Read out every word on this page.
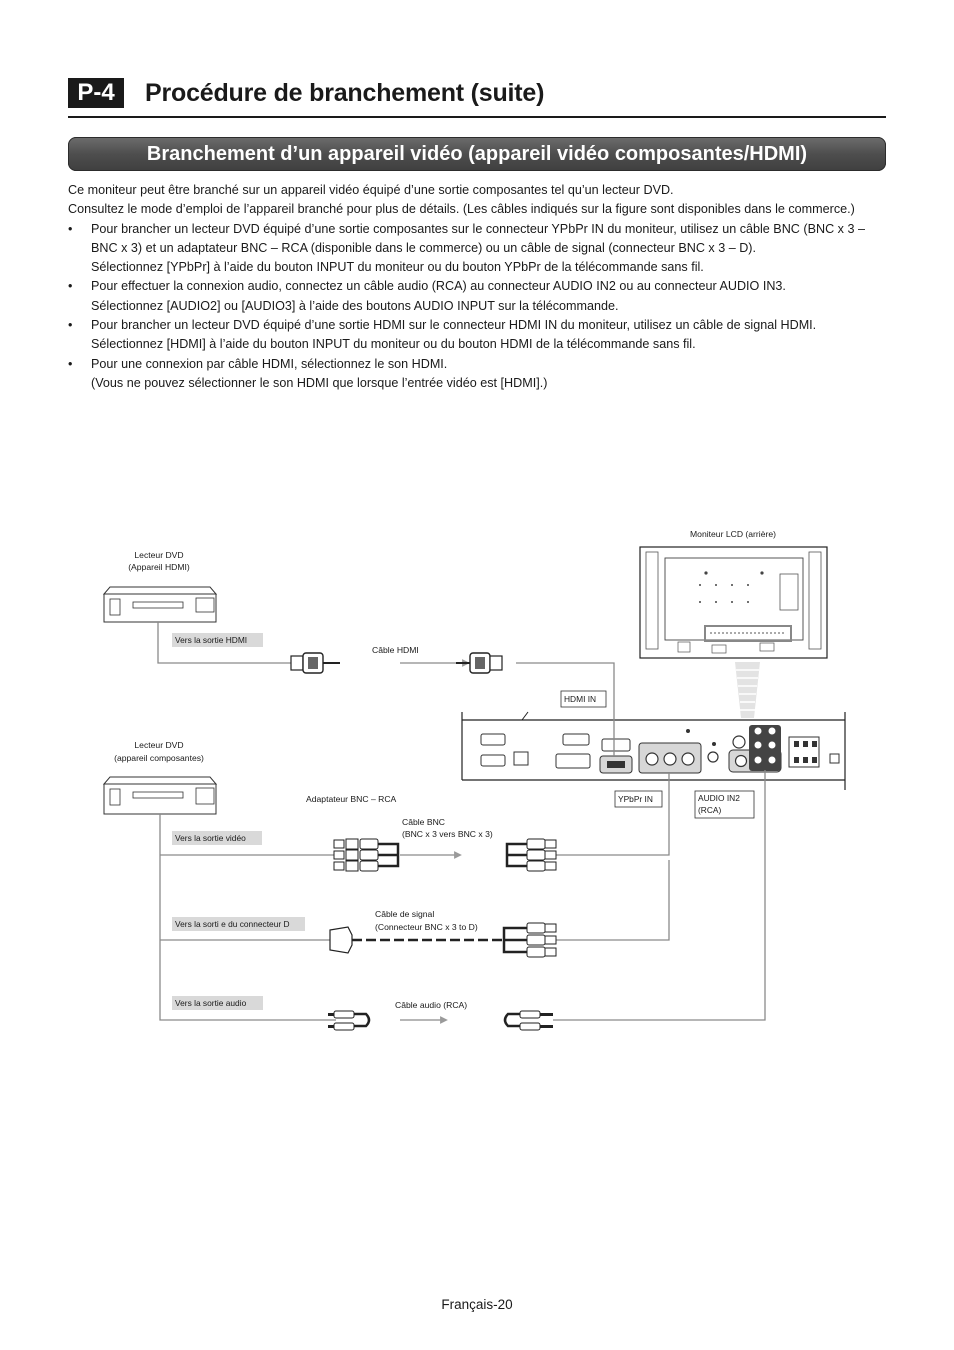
P-4	Procédure de branchement (suite)
Branchement d’un appareil vidéo (appareil vidéo composantes/HDMI)

Ce moniteur peut être branché sur un appareil vidéo équipé d’une sortie composantes tel qu’un lecteur DVD.

Consultez le mode d’emploi de l’appareil branché pour plus de détails. (Les câbles indiqués sur la figure sont disponibles dans le commerce.)

• Pour brancher un lecteur DVD équipé d’une sortie composantes sur le connecteur YPbPr IN du moniteur, utilisez un câble BNC (BNC x 3 – BNC x 3) et un adaptateur BNC – RCA (disponible dans le commerce) ou un câble de signal (connecteur BNC x 3 – D).

Sélectionnez [YPbPr] à l’aide du bouton INPUT du moniteur ou du bouton YPbPr de la télécommande sans fil.

• Pour effectuer la connexion audio, connectez un câble audio (RCA) au connecteur AUDIO IN2 ou au connecteur AUDIO IN3.

Sélectionnez [AUDIO2] ou [AUDIO3] à l’aide des boutons AUDIO INPUT sur la télécommande.

• Pour brancher un lecteur DVD équipé d’une sortie HDMI sur le connecteur HDMI IN du moniteur, utilisez un câble de signal HDMI.

Sélectionnez [HDMI] à l’aide du bouton INPUT du moniteur ou du bouton HDMI de la télécommande sans fil.

• Pour une connexion par câble HDMI, sélectionnez le son HDMI.

(Vous ne pouvez sélectionner le son HDMI que lorsque l’entrée vidéo est [HDMI].)

Moniteur LCD (arrière)
Lecteur DVD
(Appareil HDMI)
Lecteur DVD
(appareil composantes)
Vers la sortie HDMI
Vers la sortie vidéo
Vers la sorti e du connecteur D
Vers la sortie audio
HDMI IN
YPbPr IN	AUDIO IN2
(RCA)
Câble HDMI
Adaptateur BNC – RCA
Câble BNC
(BNC x 3 vers BNC x 3)
Câble de signal
(Connecteur BNC x 3 to D)
Câble audio (RCA)
Français-20
